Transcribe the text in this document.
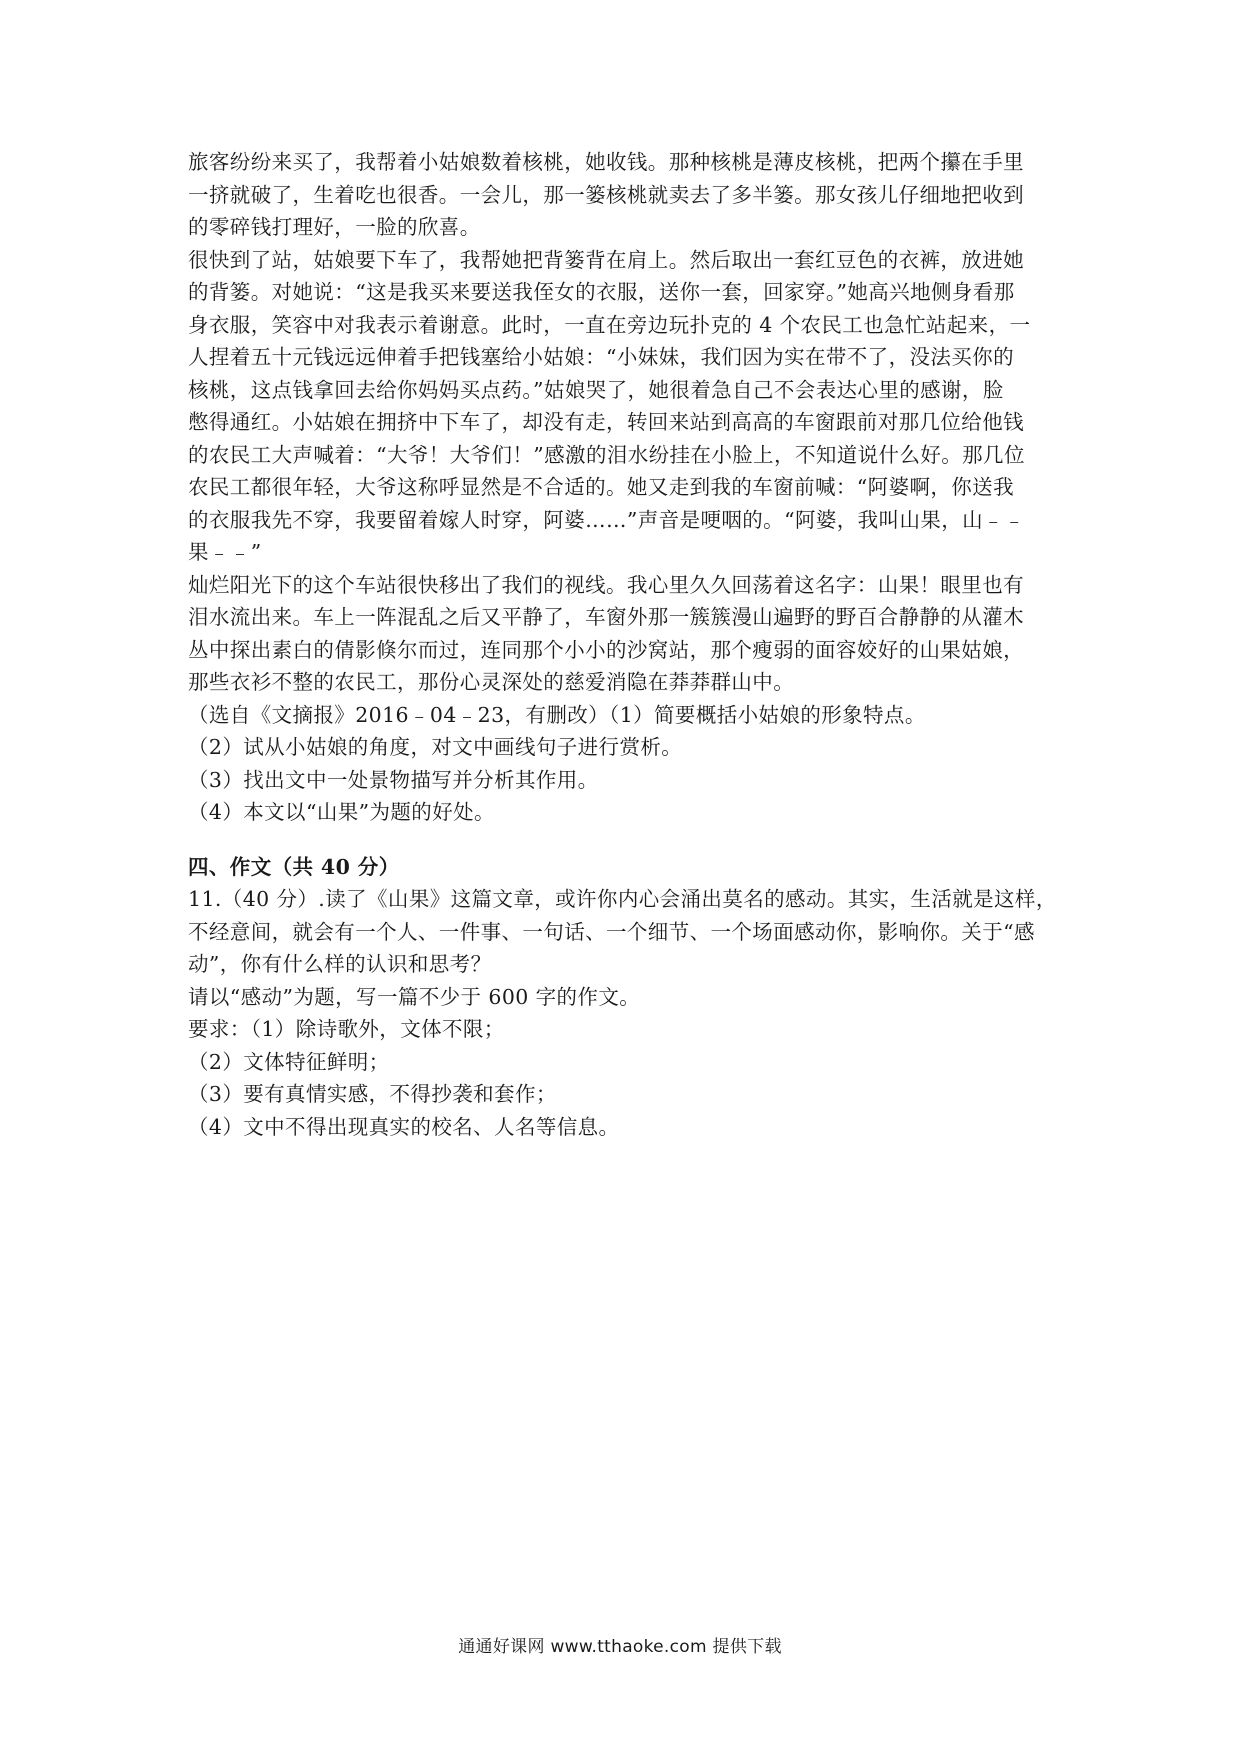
旅客纷纷来买了，我帮着小姑娘数着核桃，她收钱。那种核桃是薄皮核桃，把两个攥在手里
一挤就破了，生着吃也很香。一会儿，那一篓核桃就卖去了多半篓。那女孩儿仔细地把收到
的零碎钱打理好，一脸的欣喜。
很快到了站，姑娘要下车了，我帮她把背篓背在肩上。然后取出一套红豆色的衣裤，放进她
的背篓。对她说：“这是我买来要送我侄女的衣服，送你一套，回家穿。”她高兴地侧身看那
身衣服，笑容中对我表示着谢意。此时，一直在旁边玩扑克的 4 个农民工也急忙站起来，一
人捏着五十元钱远远伸着手把钱塞给小姑娘：“小妹妹，我们因为实在带不了，没法买你的
核桃，这点钱拿回去给你妈妈买点药。”姑娘哭了，她很着急自己不会表达心里的感谢，脸
憋得通红。小姑娘在拥挤中下车了，却没有走，转回来站到高高的车窗跟前对那几位给他钱
的农民工大声喊着：“大爷！大爷们！”感激的泪水纷挂在小脸上，不知道说什么好。那几位
农民工都很年轻，大爷这称呼显然是不合适的。她又走到我的车窗前喊：“阿婆啊，你送我
的衣服我先不穿，我要留着嫁人时穿，阿婆……”声音是哽咽的。“阿婆，我叫山果，山﹣﹣
果﹣﹣”
灿烂阳光下的这个车站很快移出了我们的视线。我心里久久回荡着这名字：山果！眼里也有
泪水流出来。车上一阵混乱之后又平静了，车窗外那一簇簇漫山遍野的野百合静静的从灌木
丛中探出素白的倩影倏尔而过，连同那个小小的沙窝站，那个瘦弱的面容姣好的山果姑娘，
那些衣衫不整的农民工，那份心灵深处的慈爱消隐在莽莽群山中。
（选自《文摘报》2016﹣04﹣23，有删改）（1）简要概括小姑娘的形象特点。
（2）试从小姑娘的角度，对文中画线句子进行赏析。
（3）找出文中一处景物描写并分析其作用。
（4）本文以“山果”为题的好处。
四、作文（共 40 分）
11.（40 分）.读了《山果》这篇文章，或许你内心会涌出莫名的感动。其实，生活就是这样，
不经意间，就会有一个人、一件事、一句话、一个细节、一个场面感动你，影响你。关于“感
动”，你有什么样的认识和思考？
请以“感动”为题，写一篇不少于 600 字的作文。
要求：（1）除诗歌外，文体不限；
（2）文体特征鲜明；
（3）要有真情实感，不得抄袭和套作；
（4）文中不得出现真实的校名、人名等信息。
通通好课网 www.tthaoke.com 提供下载
